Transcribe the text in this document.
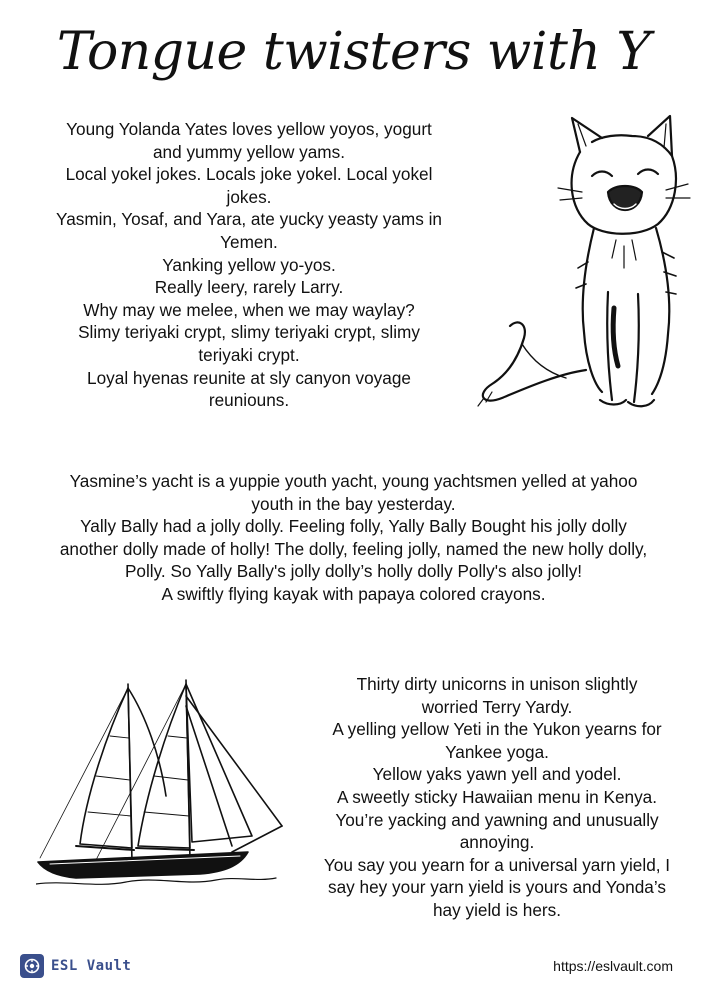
Tongue twisters with Y
Young Yolanda Yates loves yellow yoyos, yogurt
and yummy yellow yams.
Local yokel jokes. Locals joke yokel. Local yokel
jokes.
Yasmin, Yosaf, and Yara, ate yucky yeasty yams in
Yemen.
Yanking yellow yo-yos.
Really leery, rarely Larry.
Why may we melee, when we may waylay?
Slimy teriyaki crypt, slimy teriyaki crypt, slimy
teriyaki crypt.
Loyal hyenas reunite at sly canyon voyage
reuniouns.
Yasmine’s yacht is a yuppie youth yacht, young yachtsmen yelled at yahoo
youth in the bay yesterday.
Yally Bally had a jolly dolly. Feeling folly, Yally Bally Bought his jolly dolly
another dolly made of holly! The dolly, feeling jolly, named the new holly dolly,
Polly. So Yally Bally's jolly dolly’s holly dolly Polly's also jolly!
A swiftly flying kayak with papaya colored crayons.
Thirty dirty unicorns in unison slightly
worried Terry Yardy.
A yelling yellow Yeti in the Yukon yearns for
Yankee yoga.
Yellow yaks yawn yell and yodel.
A sweetly sticky Hawaiian menu in Kenya.
You’re yacking and yawning and unusually
annoying.
You say you yearn for a universal yarn yield, I
say hey your yarn yield is yours and Yonda’s
hay yield is hers.
ESL Vault	https://eslvault.com
